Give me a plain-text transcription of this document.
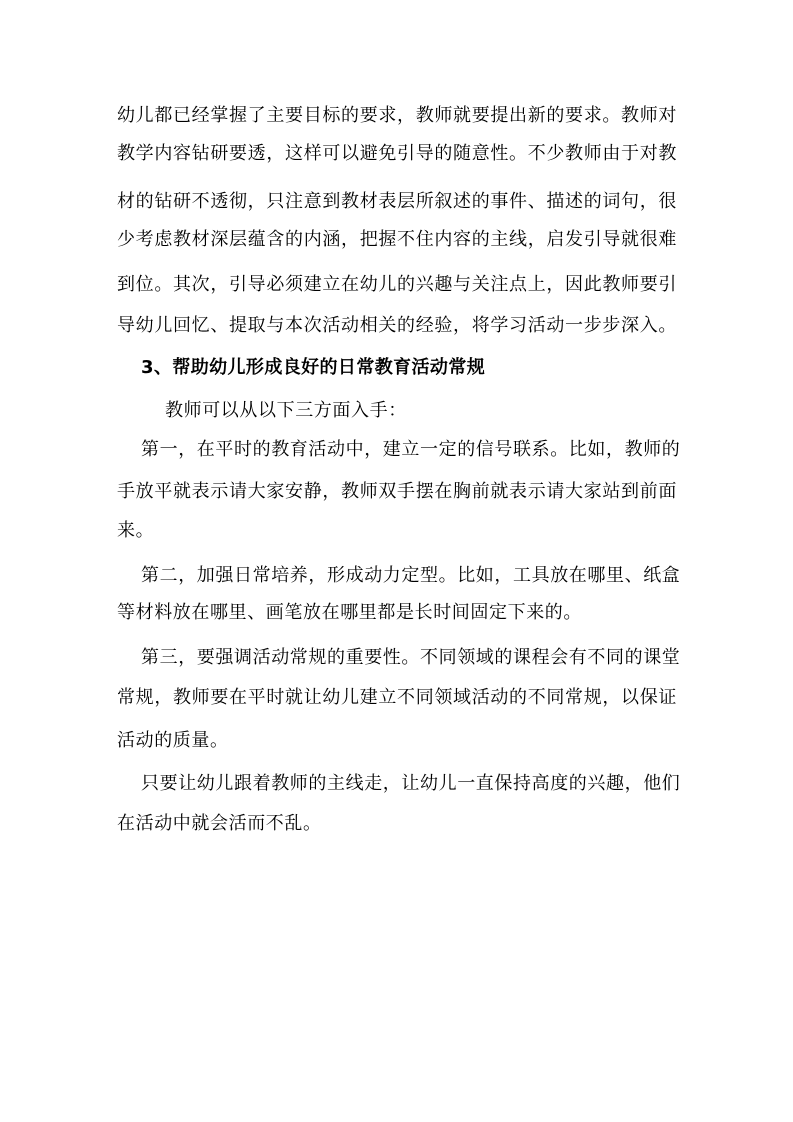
幼儿都已经掌握了主要目标的要求，教师就要提出新的要求。教师对
教学内容钻研要透，这样可以避免引导的随意性。不少教师由于对教
材的钻研不透彻，只注意到教材表层所叙述的事件、描述的词句，很
少考虑教材深层蕴含的内涵，把握不住内容的主线，启发引导就很难
到位。其次，引导必须建立在幼儿的兴趣与关注点上，因此教师要引
导幼儿回忆、提取与本次活动相关的经验，将学习活动一步步深入。
3、帮助幼儿形成良好的日常教育活动常规
教师可以从以下三方面入手：
第一，在平时的教育活动中，建立一定的信号联系。比如，教师的
手放平就表示请大家安静，教师双手摆在胸前就表示请大家站到前面
来。
第二，加强日常培养，形成动力定型。比如，工具放在哪里、纸盒
等材料放在哪里、画笔放在哪里都是长时间固定下来的。
第三，要强调活动常规的重要性。不同领域的课程会有不同的课堂
常规，教师要在平时就让幼儿建立不同领域活动的不同常规，以保证
活动的质量。
只要让幼儿跟着教师的主线走，让幼儿一直保持高度的兴趣，他们
在活动中就会活而不乱。
